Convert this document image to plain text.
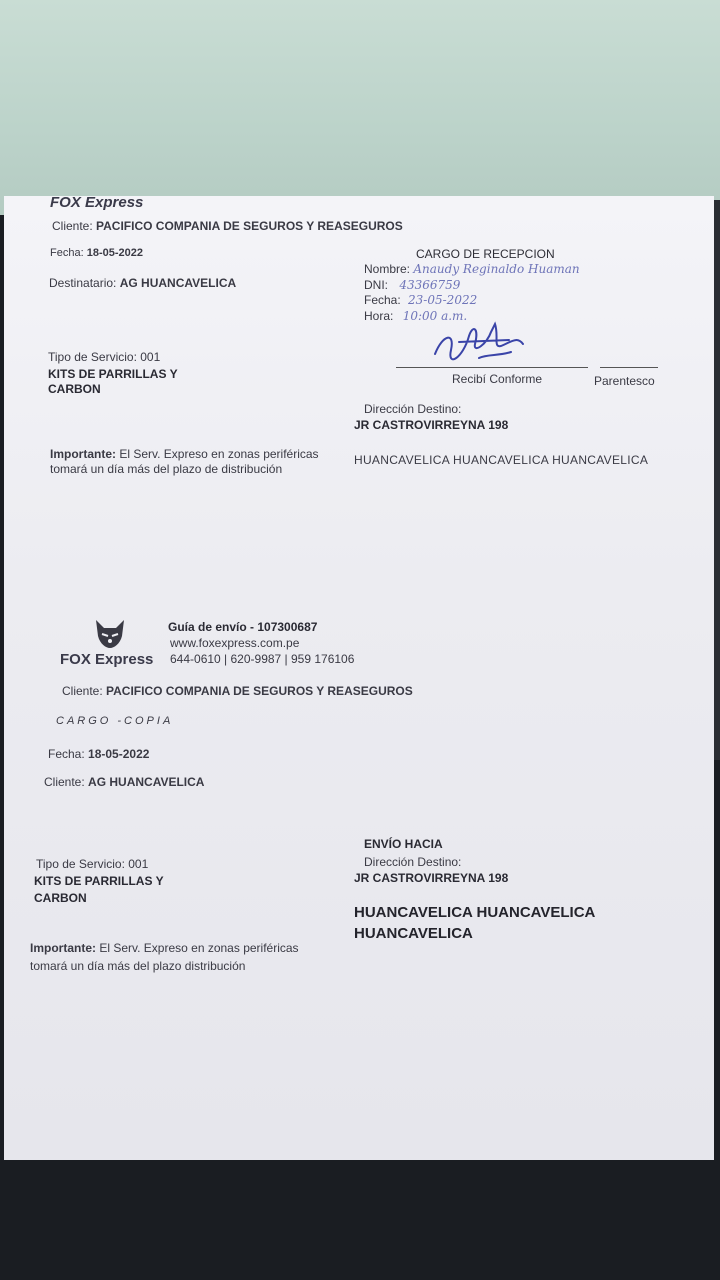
FOX Express
Cliente: PACIFICO COMPANIA DE SEGUROS Y REASEGUROS
Fecha: 18-05-2022
Destinatario: AG HUANCAVELICA
CARGO DE RECEPCION
Nombre: Anaudy Reginaldo Huaman
DNI: 43366759
Fecha: 23-05-2022
Hora: 10:00 a.m.
Recibí Conforme	Parentesco
Tipo de Servicio: 001
KITS DE PARRILLAS Y
CARBON
Dirección Destino:
JR CASTROVIRREYNA 198
Importante: El Serv. Expreso en zonas periféricas
tomará un día más del plazo de distribución
HUANCAVELICA HUANCAVELICA HUANCAVELICA
FOX Express
Guía de envío - 107300687
www.foxexpress.com.pe
644-0610 | 620-9987 | 959 176106
Cliente: PACIFICO COMPANIA DE SEGUROS Y REASEGUROS
CARGO -COPIA
Fecha: 18-05-2022
Cliente: AG HUANCAVELICA
ENVÍO HACIA
Dirección Destino:
JR CASTROVIRREYNA 198
HUANCAVELICA HUANCAVELICA
HUANCAVELICA
Tipo de Servicio: 001
KITS DE PARRILLAS Y
CARBON
Importante: El Serv. Expreso en zonas periféricas
tomará un día más del plazo distribución
